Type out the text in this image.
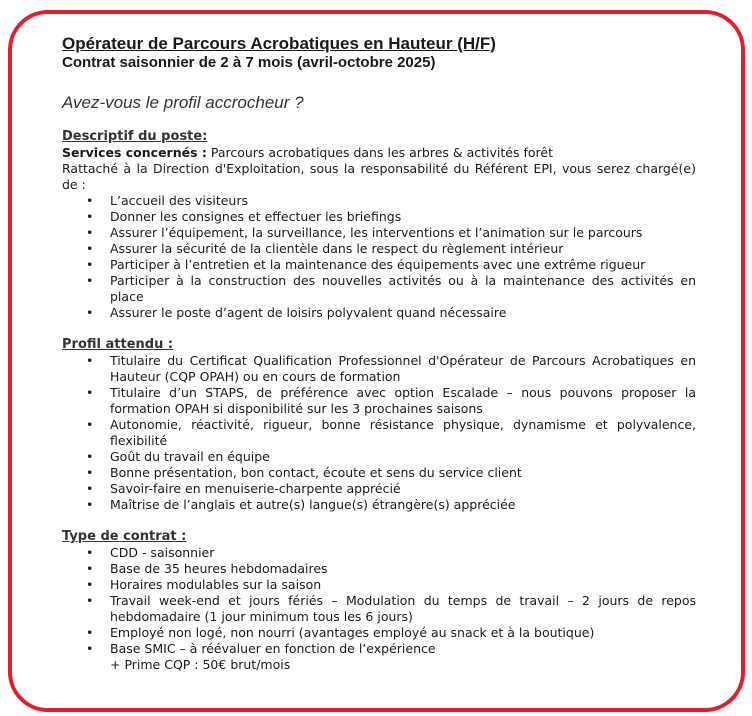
Opérateur de Parcours Acrobatiques en Hauteur (H/F)

Contrat saisonnier de 2 à 7 mois (avril-octobre 2025)

Avez-vous le profil accrocheur ?

Descriptif du poste:

Services concernés : Parcours acrobatiques dans les arbres & activités forêt

Rattaché à la Direction d'Exploitation, sous la responsabilité du Référent EPI, vous serez chargé(e) de :

• L’accueil des visiteurs
• Donner les consignes et effectuer les briefings
• Assurer l’équipement, la surveillance, les interventions et l’animation sur le parcours
• Assurer la sécurité de la clientèle dans le respect du règlement intérieur
• Participer à l’entretien et la maintenance des équipements avec une extrême rigueur
• Participer à la construction des nouvelles activités ou à la maintenance des activités en place
• Assurer le poste d’agent de loisirs polyvalent quand nécessaire

Profil attendu :

• Titulaire du Certificat Qualification Professionnel d'Opérateur de Parcours Acrobatiques en Hauteur (CQP OPAH) ou en cours de formation
• Titulaire d’un STAPS, de préférence avec option Escalade – nous pouvons proposer la formation OPAH si disponibilité sur les 3 prochaines saisons
• Autonomie, réactivité, rigueur, bonne résistance physique, dynamisme et polyvalence, flexibilité
• Goût du travail en équipe
• Bonne présentation, bon contact, écoute et sens du service client
• Savoir-faire en menuiserie-charpente apprécié
• Maîtrise de l’anglais et autre(s) langue(s) étrangère(s) appréciée

Type de contrat :

• CDD - saisonnier
• Base de 35 heures hebdomadaires
• Horaires modulables sur la saison
• Travail week-end et jours fériés – Modulation du temps de travail – 2 jours de repos hebdomadaire (1 jour minimum tous les 6 jours)
• Employé non logé, non nourri (avantages employé au snack et à la boutique)
• Base SMIC – à réévaluer en fonction de l’expérience
+ Prime CQP : 50€ brut/mois
